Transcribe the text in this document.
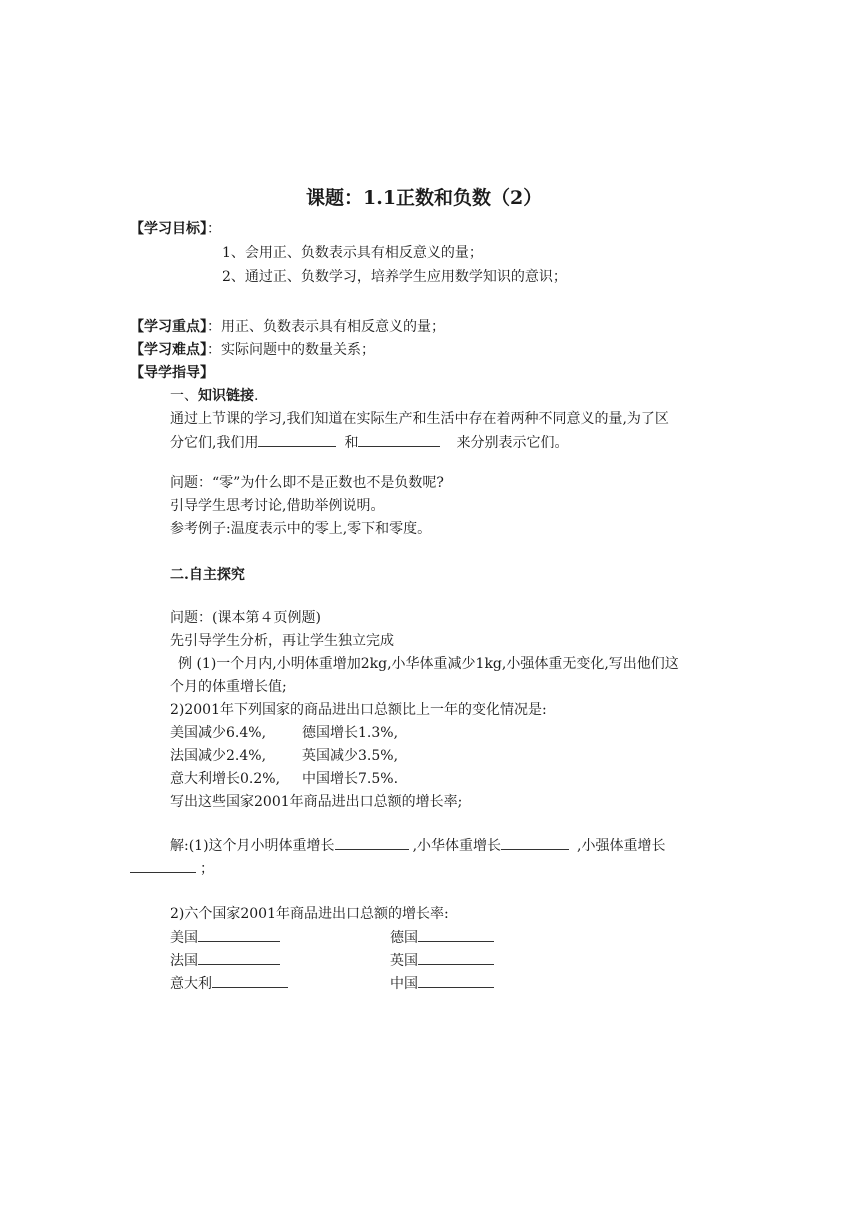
课题：1.1正数和负数（2）
【学习目标】：
1、会用正、负数表示具有相反意义的量；
2、通过正、负数学习，培养学生应用数学知识的意识；
【学习重点】：用正、负数表示具有相反意义的量；
【学习难点】：实际问题中的数量关系；
【导学指导】
一、知识链接.
通过上节课的学习,我们知道在实际生产和生活中存在着两种不同意义的量,为了区
分它们,我们用	和	来分别表示它们。
问题：“零”为什么即不是正数也不是负数呢?
引导学生思考讨论,借助举例说明。
参考例子:温度表示中的零上,零下和零度。
二.自主探究
问题：(课本第４页例题)
先引导学生分析，再让学生独立完成
例 (1)一个月内,小明体重增加2kg,小华体重减少1kg,小强体重无变化,写出他们这
个月的体重增长值;
2)2001年下列国家的商品进出口总额比上一年的变化情况是:
美国减少6.4%,	德国增长1.3%,
法国减少2.4%,	英国减少3.5%,
意大利增长0.2%, 中国增长7.5%.
写出这些国家2001年商品进出口总额的增长率;
解:(1)这个月小明体重增长	,小华体重增长	,小强体重增长
；
2)六个国家2001年商品进出口总额的增长率:
美国	德国
法国	英国
意大利	中国
